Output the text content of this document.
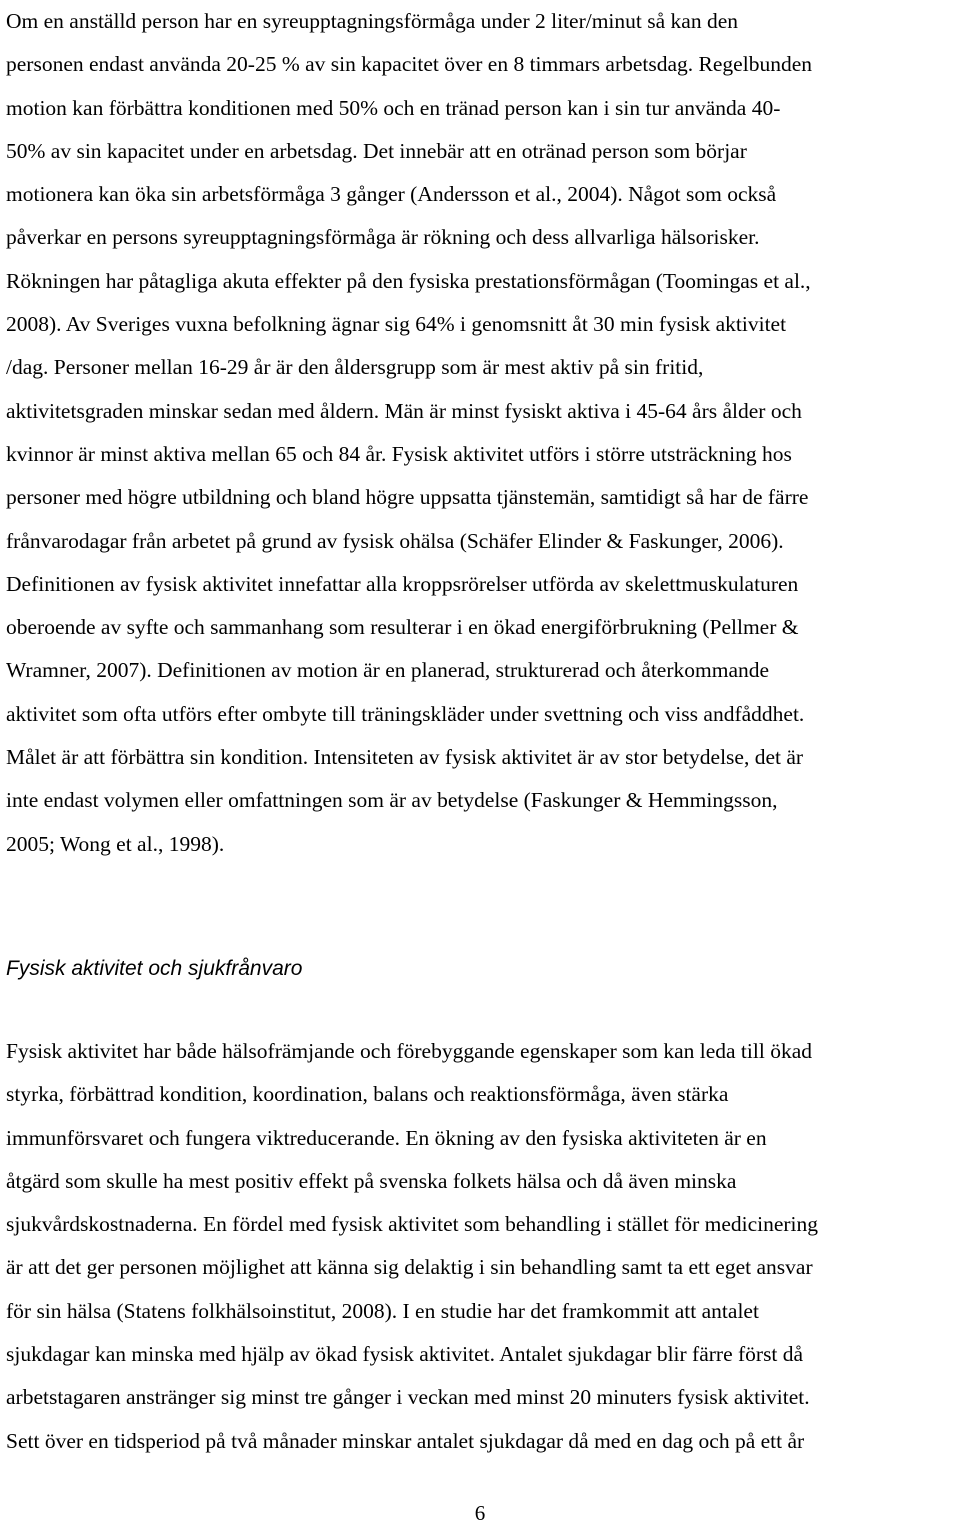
Om en anställd person har en syreupptagningsförmåga under 2 liter/minut så kan den
personen endast använda 20-25 % av sin kapacitet över en 8 timmars arbetsdag. Regelbunden
motion kan förbättra konditionen med 50% och en tränad person kan i sin tur använda 40-
50% av sin kapacitet under en arbetsdag. Det innebär att en otränad person som börjar
motionera kan öka sin arbetsförmåga 3 gånger (Andersson et al., 2004). Något som också
påverkar en persons syreupptagningsförmåga är rökning och dess allvarliga hälsorisker.
Rökningen har påtagliga akuta effekter på den fysiska prestationsförmågan (Toomingas et al.,
2008). Av Sveriges vuxna befolkning ägnar sig 64% i genomsnitt åt 30 min fysisk aktivitet
/dag. Personer mellan 16-29 år är den åldersgrupp som är mest aktiv på sin fritid,
aktivitetsgraden minskar sedan med åldern. Män är minst fysiskt aktiva i 45-64 års ålder och
kvinnor är minst aktiva mellan 65 och 84 år. Fysisk aktivitet utförs i större utsträckning hos
personer med högre utbildning och bland högre uppsatta tjänstemän, samtidigt så har de färre
frånvarodagar från arbetet på grund av fysisk ohälsa (Schäfer Elinder & Faskunger, 2006).
Definitionen av fysisk aktivitet innefattar alla kroppsrörelser utförda av skelettmuskulaturen
oberoende av syfte och sammanhang som resulterar i en ökad energiförbrukning (Pellmer &
Wramner, 2007). Definitionen av motion är en planerad, strukturerad och återkommande
aktivitet som ofta utförs efter ombyte till träningskläder under svettning och viss andfåddhet.
Målet är att förbättra sin kondition. Intensiteten av fysisk aktivitet är av stor betydelse, det är
inte endast volymen eller omfattningen som är av betydelse (Faskunger & Hemmingsson,
2005; Wong et al., 1998).
Fysisk aktivitet och sjukfrånvaro
Fysisk aktivitet har både hälsofrämjande och förebyggande egenskaper som kan leda till ökad
styrka, förbättrad kondition, koordination, balans och reaktionsförmåga, även stärka
immunförsvaret och fungera viktreducerande. En ökning av den fysiska aktiviteten är en
åtgärd som skulle ha mest positiv effekt på svenska folkets hälsa och då även minska
sjukvårdskostnaderna. En fördel med fysisk aktivitet som behandling i stället för medicinering
är att det ger personen möjlighet att känna sig delaktig i sin behandling samt ta ett eget ansvar
för sin hälsa (Statens folkhälsoinstitut, 2008). I en studie har det framkommit att antalet
sjukdagar kan minska med hjälp av ökad fysisk aktivitet. Antalet sjukdagar blir färre först då
arbetstagaren anstränger sig minst tre gånger i veckan med minst 20 minuters fysisk aktivitet.
Sett över en tidsperiod på två månader minskar antalet sjukdagar då med en dag och på ett år
6
